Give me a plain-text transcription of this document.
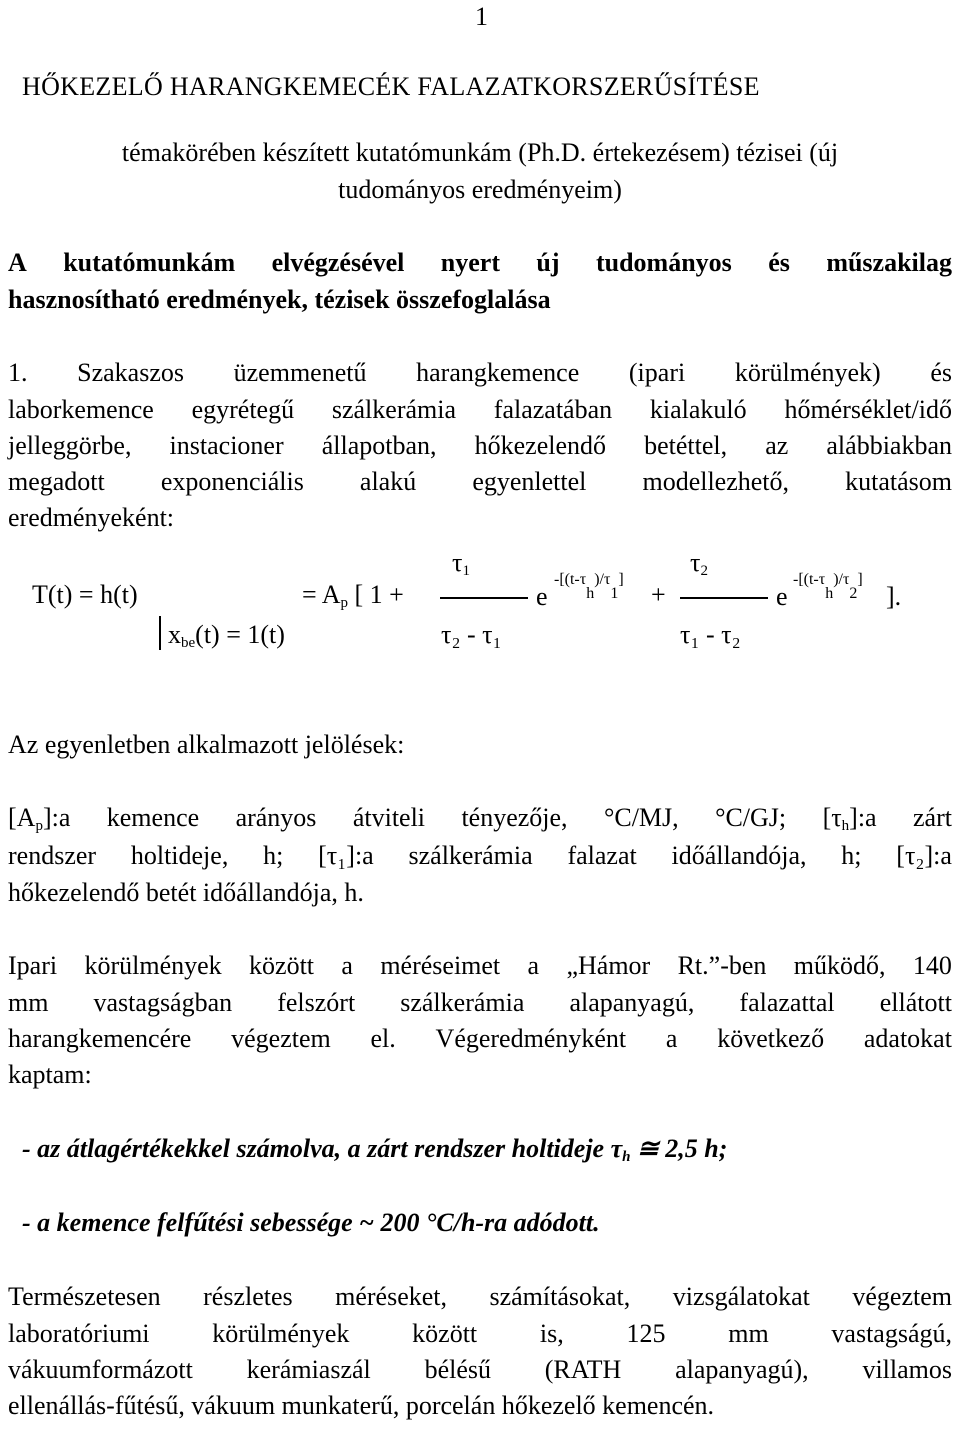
1
HŐKEZELŐ HARANGKEMECÉK FALAZATKORSZERŰSÍTÉSE
témakörében készített kutatómunkám (Ph.D. értekezésem) tézisei (új
tudományos eredményeim)
A kutatómunkám elvégzésével nyert új tudományos és műszakilag
hasznosítható eredmények, tézisek összefoglalása
1. Szakaszos üzemmenetű harangkemence (ipari körülmények) és
laborkemence egyrétegű szálkerámia falazatában kialakuló hőmérséklet/idő
jelleggörbe, instacioner állapotban, hőkezelendő betéttel, az alábbiakban
megadott exponenciális alakú egyenlettel modellezhető, kutatásom
eredményeként:
$\tau_1$	$\tau_2$
T(t) = h(t)	= $A_p$ [ 1 +	e
-[(t-τh)/τ1]
+	e
-[(t-τh)/τ2]
].
$x_{be}(t) = 1(t)$	τ₂ - τ₁	τ₁ - τ₂
Az egyenletben alkalmazott jelölések:
$[A_p]:a$ kemence arányos átviteli tényezője, °C/MJ, °C/GJ; $[\tau_h]:a$ zárt
rendszer holtideje, h; [τ₁]:a szálkerámia falazat időállandója, h; [τ₂]:a
hőkezelendő betét időállandója, h.
Ipari körülmények között a méréseimet a „Hámor Rt.”-ben működő, 140
mm vastagságban felszórt szálkerámia alapanyagú, falazattal ellátott
harangkemencére végeztem el. Végeredményként a következő adatokat
kaptam:
- az átlagértékekkel számolva, a zárt rendszer holtideje $\tau_h$ ≅ 2,5 h;
- a kemence felfűtési sebessége ~ 200 °C/h-ra adódott.
Természetesen részletes méréseket, számításokat, vizsgálatokat végeztem
laboratóriumi körülmények között is, 125 mm vastagságú,
vákuumformázott kerámiaszál bélésű (RATH alapanyagú), villamos
ellenállás-fűtésű, vákuum munkaterű, porcelán hőkezelő kemencén.
